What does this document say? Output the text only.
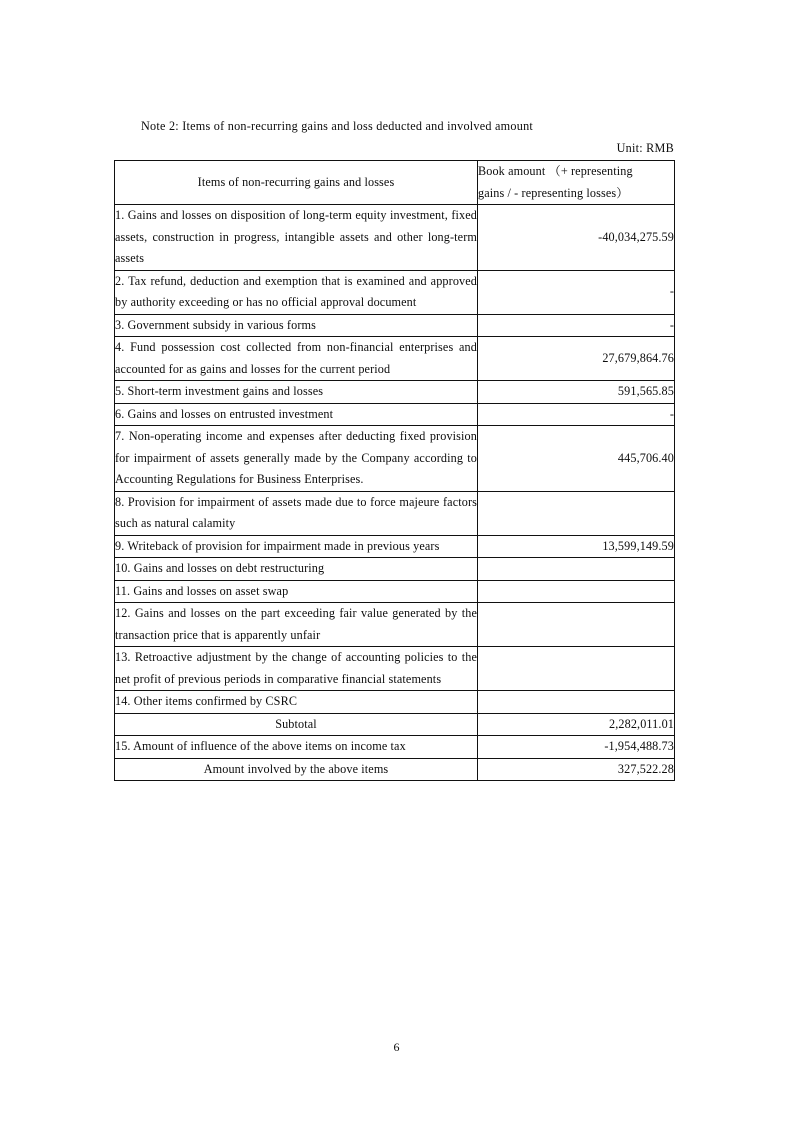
Note 2: Items of non-recurring gains and loss deducted and involved amount
Unit: RMB
Items of non-recurring gains and losses	Book amount （+ representing
gains / - representing losses）

1. Gains and losses on disposition of long-term equity investment, fixed assets, construction in progress, intangible assets and other long-term assets	-40,034,275.59
2. Tax refund, deduction and exemption that is examined and approved by authority exceeding or has no official approval document	-
3. Government subsidy in various forms	-
4. Fund possession cost collected from non-financial enterprises and accounted for as gains and losses for the current period	27,679,864.76
5. Short-term investment gains and losses	591,565.85
6. Gains and losses on entrusted investment	-
7. Non-operating income and expenses after deducting fixed provision for impairment of assets generally made by the Company according to Accounting Regulations for Business Enterprises.	445,706.40
8. Provision for impairment of assets made due to force majeure factors such as natural calamity	
9. Writeback of provision for impairment made in previous years	13,599,149.59
10. Gains and losses on debt restructuring	
11. Gains and losses on asset swap	
12. Gains and losses on the part exceeding fair value generated by the transaction price that is apparently unfair	
13. Retroactive adjustment by the change of accounting policies to the net profit of previous periods in comparative financial statements	
14. Other items confirmed by CSRC	
Subtotal	2,282,011.01
15. Amount of influence of the above items on income tax	-1,954,488.73
Amount involved by the above items	327,522.28
6
